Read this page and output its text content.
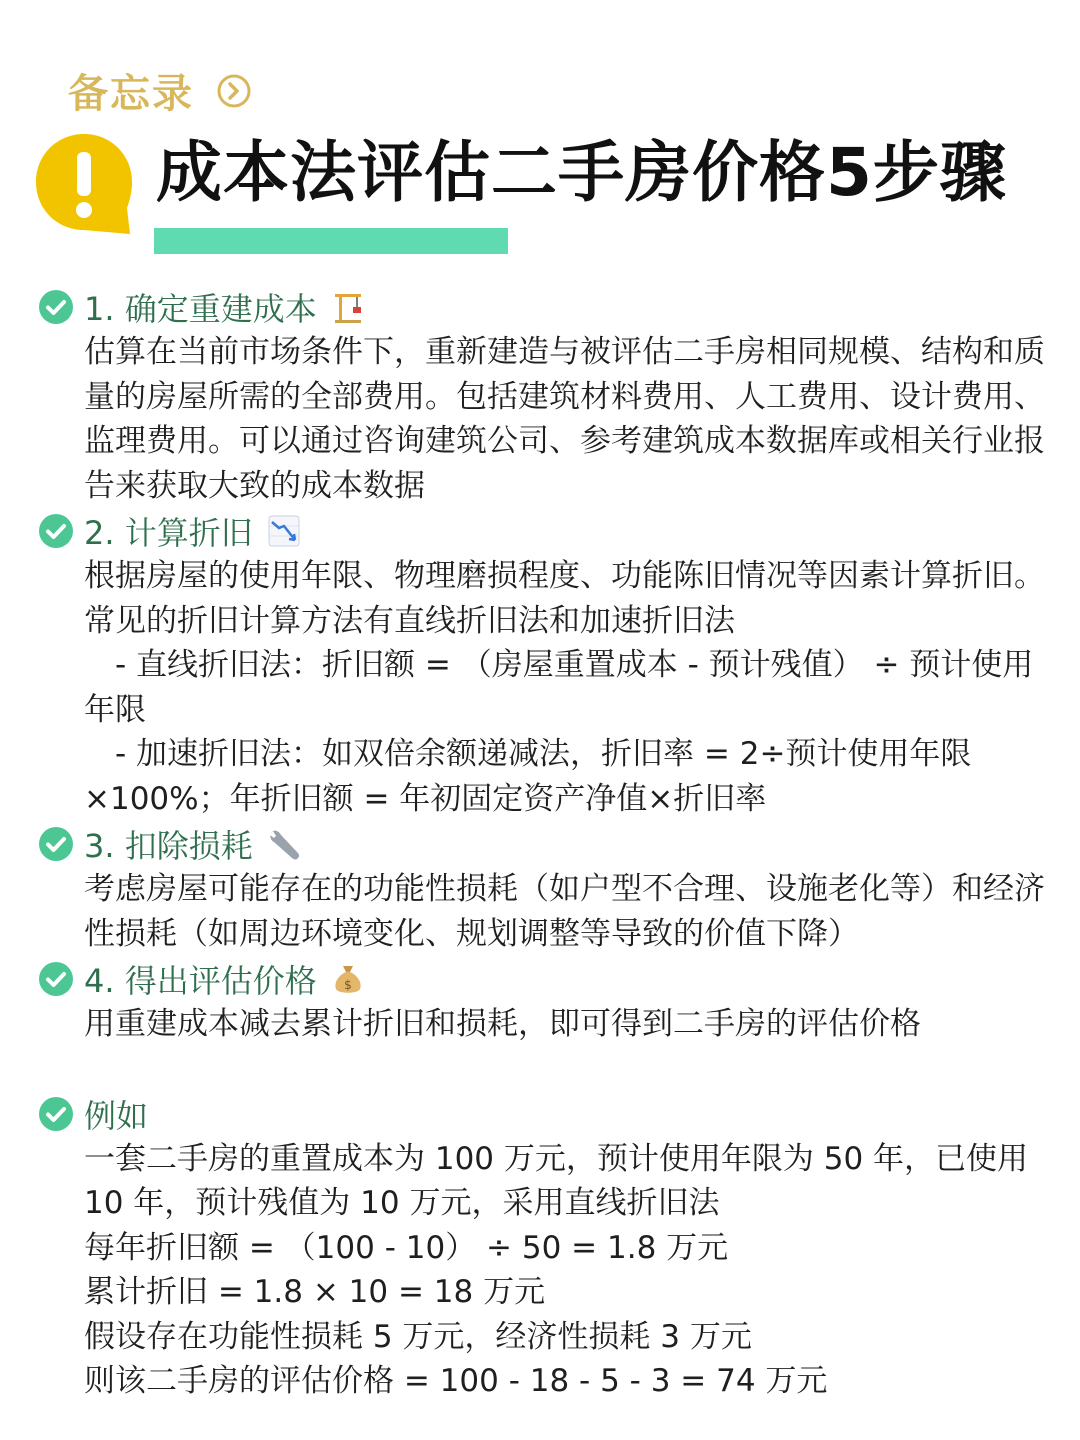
备忘录
成本法评估二手房价格5步骤
1. 确定重建成本

估算在当前市场条件下，重新建造与被评估二手房相同规模、结构和质量的房屋所需的全部费用。包括建筑材料费用、人工费用、设计费用、监理费用。可以通过咨询建筑公司、参考建筑成本数据库或相关行业报告来获取大致的成本数据

2. 计算折旧

根据房屋的使用年限、物理磨损程度、功能陈旧情况等因素计算折旧。常见的折旧计算方法有直线折旧法和加速折旧法

　- 直线折旧法：折旧额 = （房屋重置成本 - 预计残值） ÷ 预计使用年限

　- 加速折旧法：如双倍余额递减法，折旧率 = 2÷预计使用年限×100%；年折旧额 = 年初固定资产净值×折旧率

3. 扣除损耗

考虑房屋可能存在的功能性损耗（如户型不合理、设施老化等）和经济性损耗（如周边环境变化、规划调整等导致的价值下降）

4. 得出评估价格 $

用重建成本减去累计折旧和损耗，即可得到二手房的评估价格

例如

一套二手房的重置成本为 100 万元，预计使用年限为 50 年，已使用 10 年，预计残值为 10 万元，采用直线折旧法

每年折旧额 = （100 - 10） ÷ 50 = 1.8 万元

累计折旧 = 1.8 × 10 = 18 万元

假设存在功能性损耗 5 万元，经济性损耗 3 万元

则该二手房的评估价格 = 100 - 18 - 5 - 3 = 74 万元
